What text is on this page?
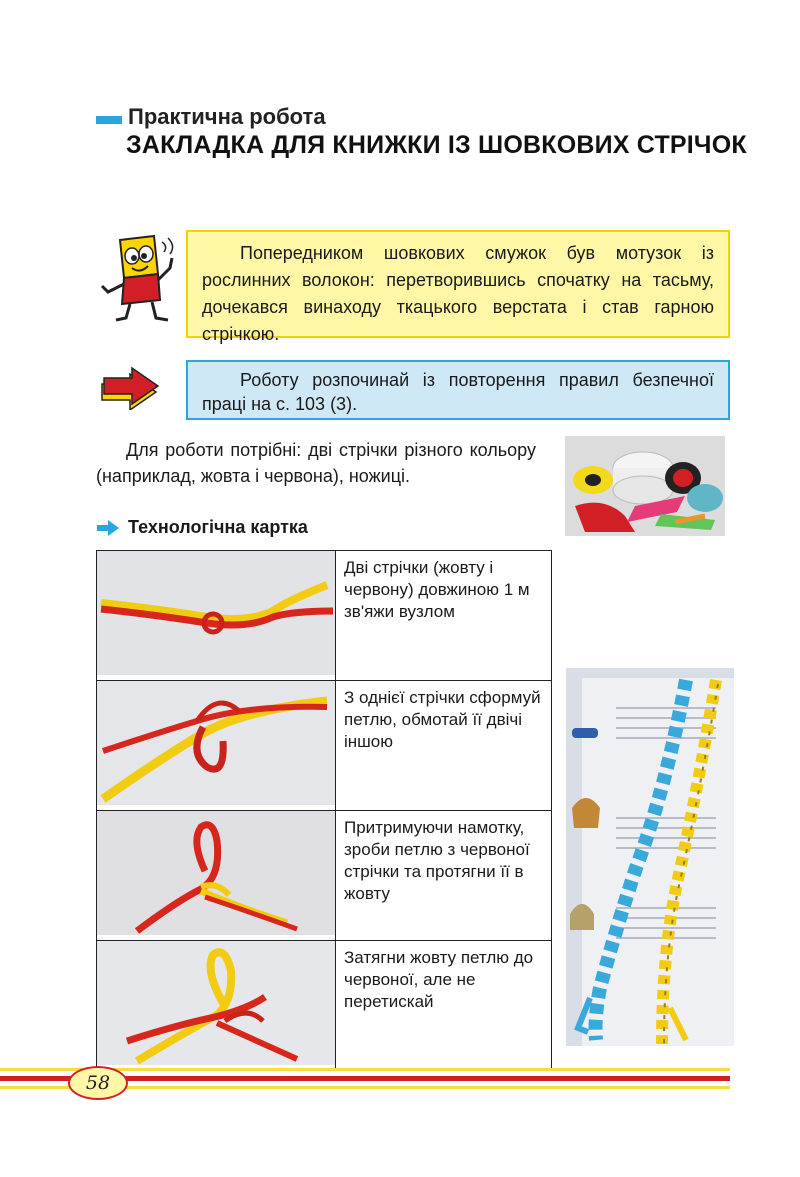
Практична робота
ЗАКЛАДКА ДЛЯ КНИЖКИ ІЗ ШОВКОВИХ СТРІЧОК

Попередником шовкових смужок був мотузок із рослинних волокон: перетворившись спочатку на тасьму, дочекався винаходу ткацького верстата і став гарною стрічкою.

Роботу розпочинай із повторення правил безпечної праці на с. 103 (3).

Для роботи потрібні: дві стрічки різного кольору (наприклад, жовта і червона), ножиці.

Технологічна картка
	Дві стрічки (жовту і червону) довжиною 1 м зв'яжи вузлом
	З однієї стрічки сформуй петлю, обмотай її двічі іншою
	Притримуючи намотку, зроби петлю з червоної стрічки та протягни її в жовту
	Затягни жовту петлю до червоної, але не перетискай
58
